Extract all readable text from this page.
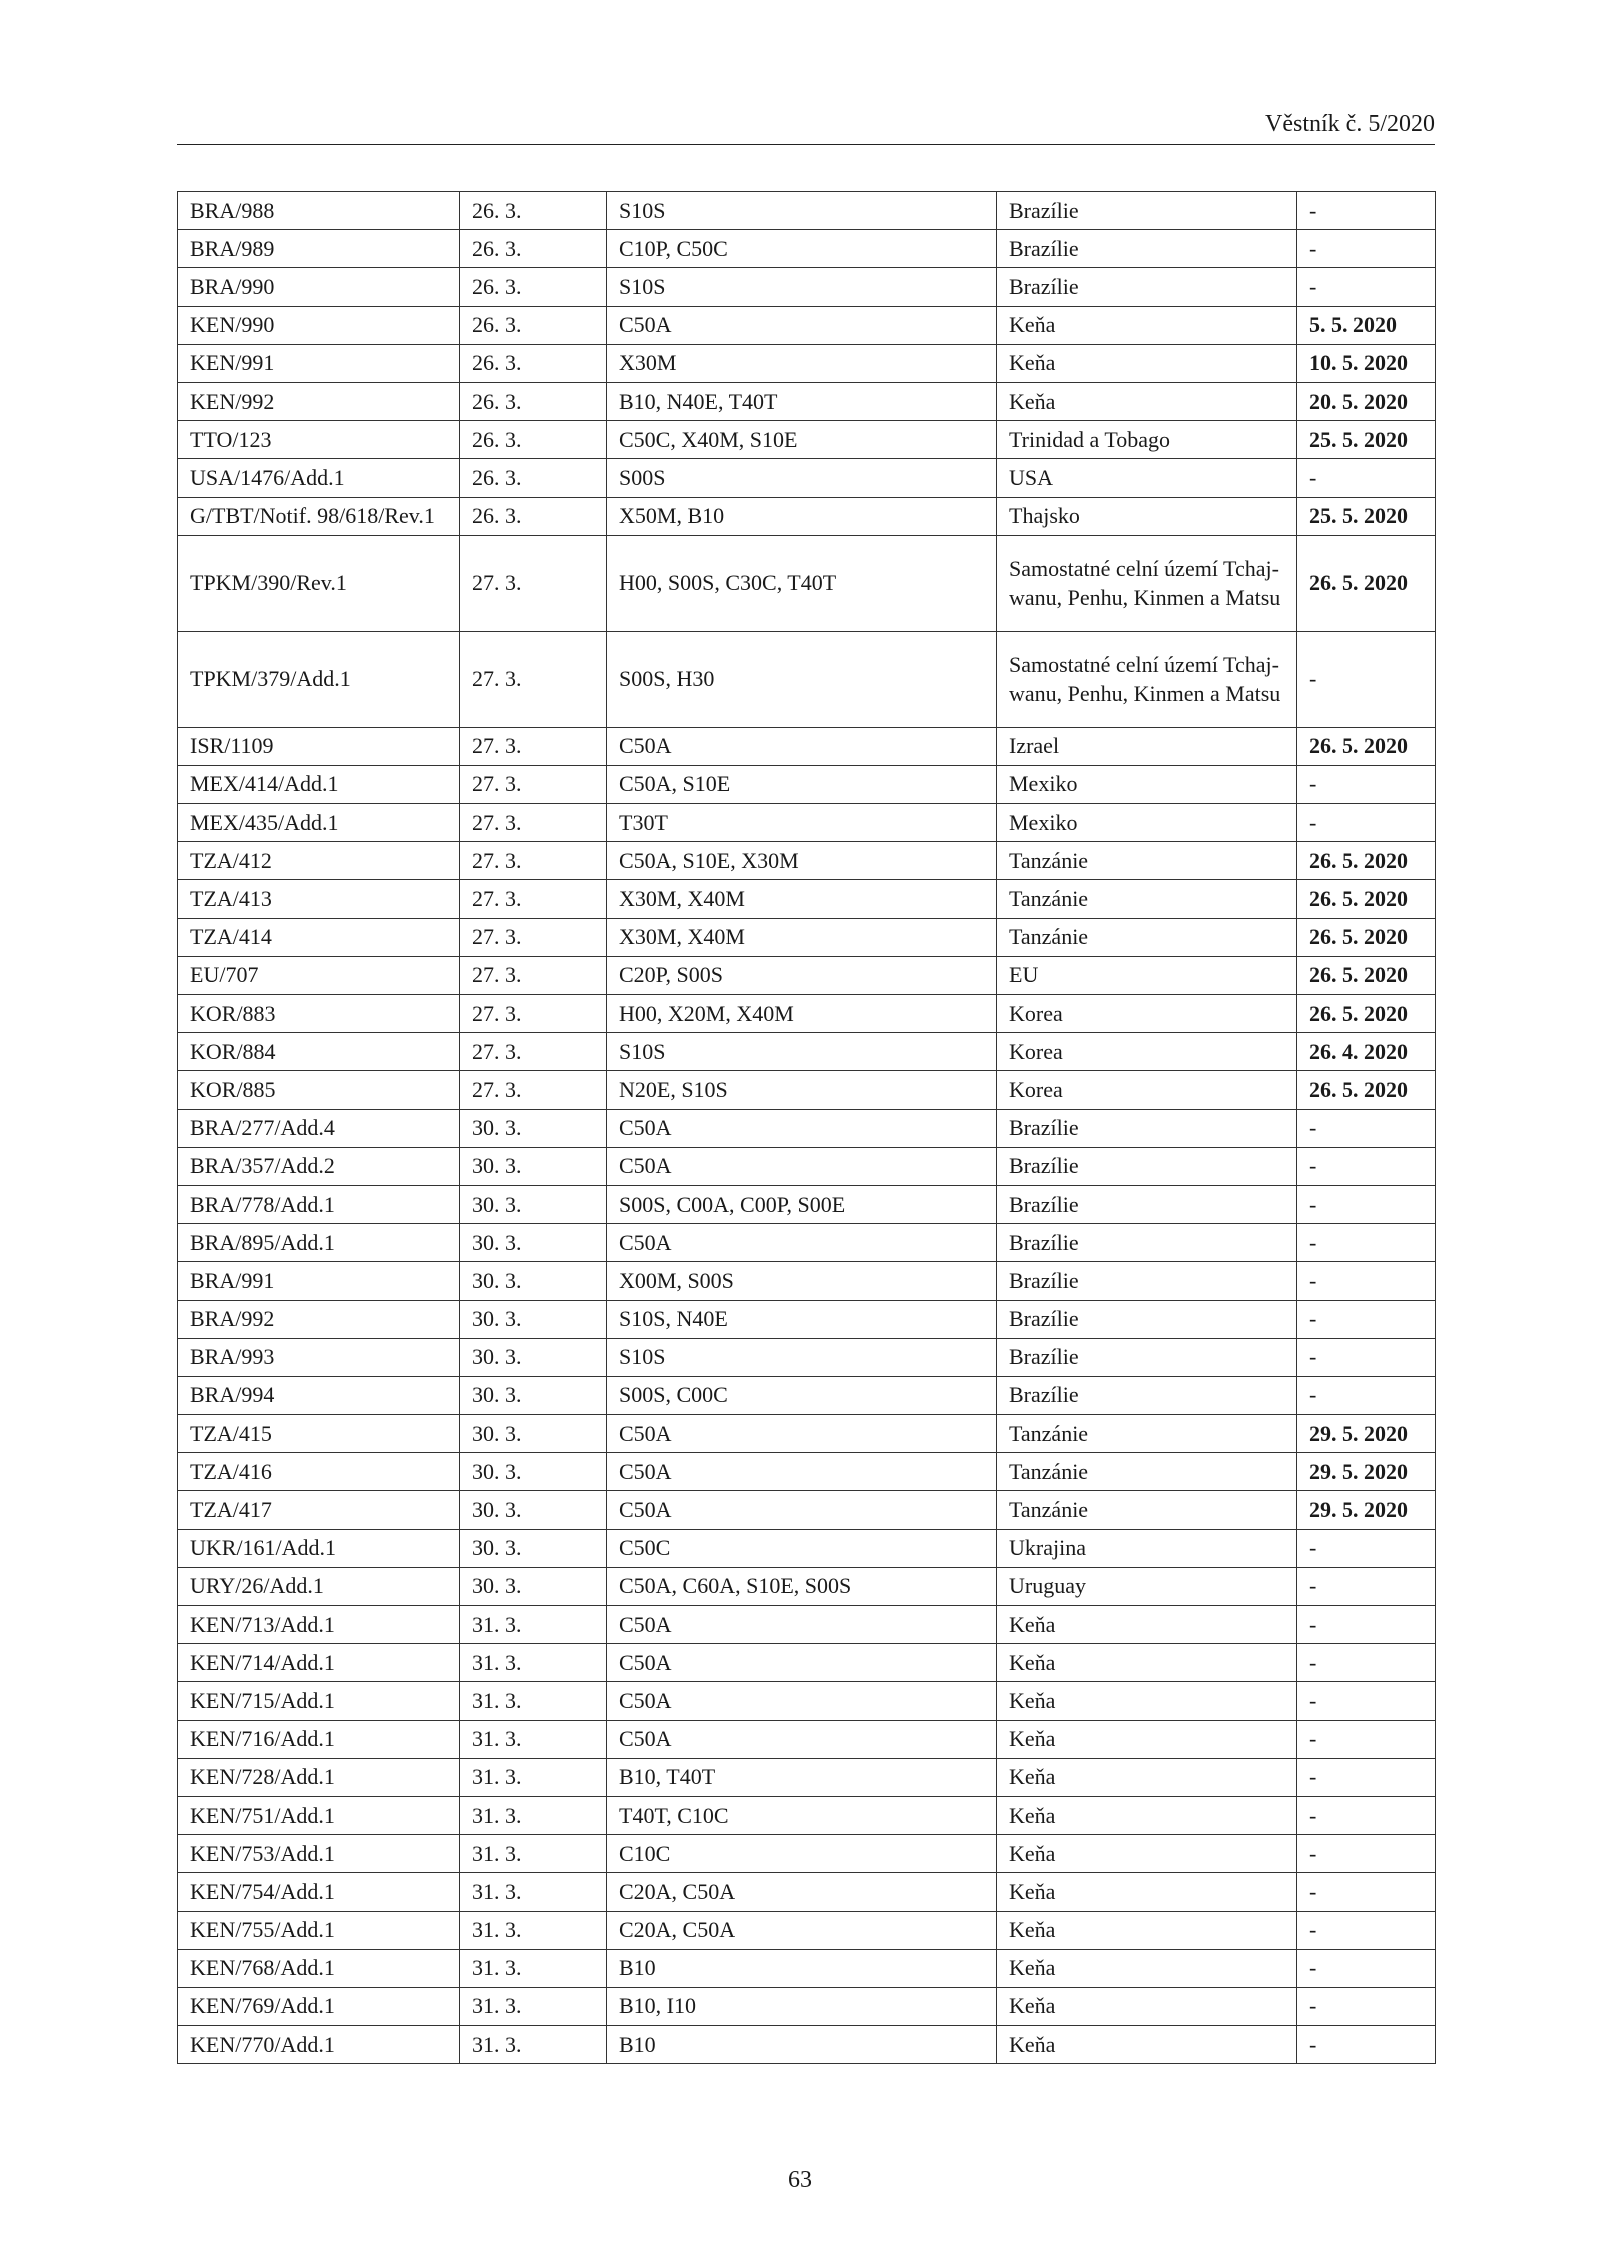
Věstník č. 5/2020
BRA/988	26. 3.	S10S	Brazílie	-
BRA/989	26. 3.	C10P, C50C	Brazílie	-
BRA/990	26. 3.	S10S	Brazílie	-
KEN/990	26. 3.	C50A	Keňa	5. 5. 2020
KEN/991	26. 3.	X30M	Keňa	10. 5. 2020
KEN/992	26. 3.	B10, N40E, T40T	Keňa	20. 5. 2020
TTO/123	26. 3.	C50C, X40M, S10E	Trinidad a Tobago	25. 5. 2020
USA/1476/Add.1	26. 3.	S00S	USA	-
G/TBT/Notif. 98/618/Rev.1	26. 3.	X50M, B10	Thajsko	25. 5. 2020
TPKM/390/Rev.1	27. 3.	H00, S00S, C30C, T40T	Samostatné celní území Tchaj-wanu, Penhu, Kinmen a Matsu	26. 5. 2020
TPKM/379/Add.1	27. 3.	S00S, H30	Samostatné celní území Tchaj-wanu, Penhu, Kinmen a Matsu	-
ISR/1109	27. 3.	C50A	Izrael	26. 5. 2020
MEX/414/Add.1	27. 3.	C50A, S10E	Mexiko	-
MEX/435/Add.1	27. 3.	T30T	Mexiko	-
TZA/412	27. 3.	C50A, S10E, X30M	Tanzánie	26. 5. 2020
TZA/413	27. 3.	X30M, X40M	Tanzánie	26. 5. 2020
TZA/414	27. 3.	X30M, X40M	Tanzánie	26. 5. 2020
EU/707	27. 3.	C20P, S00S	EU	26. 5. 2020
KOR/883	27. 3.	H00, X20M, X40M	Korea	26. 5. 2020
KOR/884	27. 3.	S10S	Korea	26. 4. 2020
KOR/885	27. 3.	N20E, S10S	Korea	26. 5. 2020
BRA/277/Add.4	30. 3.	C50A	Brazílie	-
BRA/357/Add.2	30. 3.	C50A	Brazílie	-
BRA/778/Add.1	30. 3.	S00S, C00A, C00P, S00E	Brazílie	-
BRA/895/Add.1	30. 3.	C50A	Brazílie	-
BRA/991	30. 3.	X00M, S00S	Brazílie	-
BRA/992	30. 3.	S10S, N40E	Brazílie	-
BRA/993	30. 3.	S10S	Brazílie	-
BRA/994	30. 3.	S00S, C00C	Brazílie	-
TZA/415	30. 3.	C50A	Tanzánie	29. 5. 2020
TZA/416	30. 3.	C50A	Tanzánie	29. 5. 2020
TZA/417	30. 3.	C50A	Tanzánie	29. 5. 2020
UKR/161/Add.1	30. 3.	C50C	Ukrajina	-
URY/26/Add.1	30. 3.	C50A, C60A, S10E, S00S	Uruguay	-
KEN/713/Add.1	31. 3.	C50A	Keňa	-
KEN/714/Add.1	31. 3.	C50A	Keňa	-
KEN/715/Add.1	31. 3.	C50A	Keňa	-
KEN/716/Add.1	31. 3.	C50A	Keňa	-
KEN/728/Add.1	31. 3.	B10, T40T	Keňa	-
KEN/751/Add.1	31. 3.	T40T, C10C	Keňa	-
KEN/753/Add.1	31. 3.	C10C	Keňa	-
KEN/754/Add.1	31. 3.	C20A, C50A	Keňa	-
KEN/755/Add.1	31. 3.	C20A, C50A	Keňa	-
KEN/768/Add.1	31. 3.	B10	Keňa	-
KEN/769/Add.1	31. 3.	B10, I10	Keňa	-
KEN/770/Add.1	31. 3.	B10	Keňa	-
63
